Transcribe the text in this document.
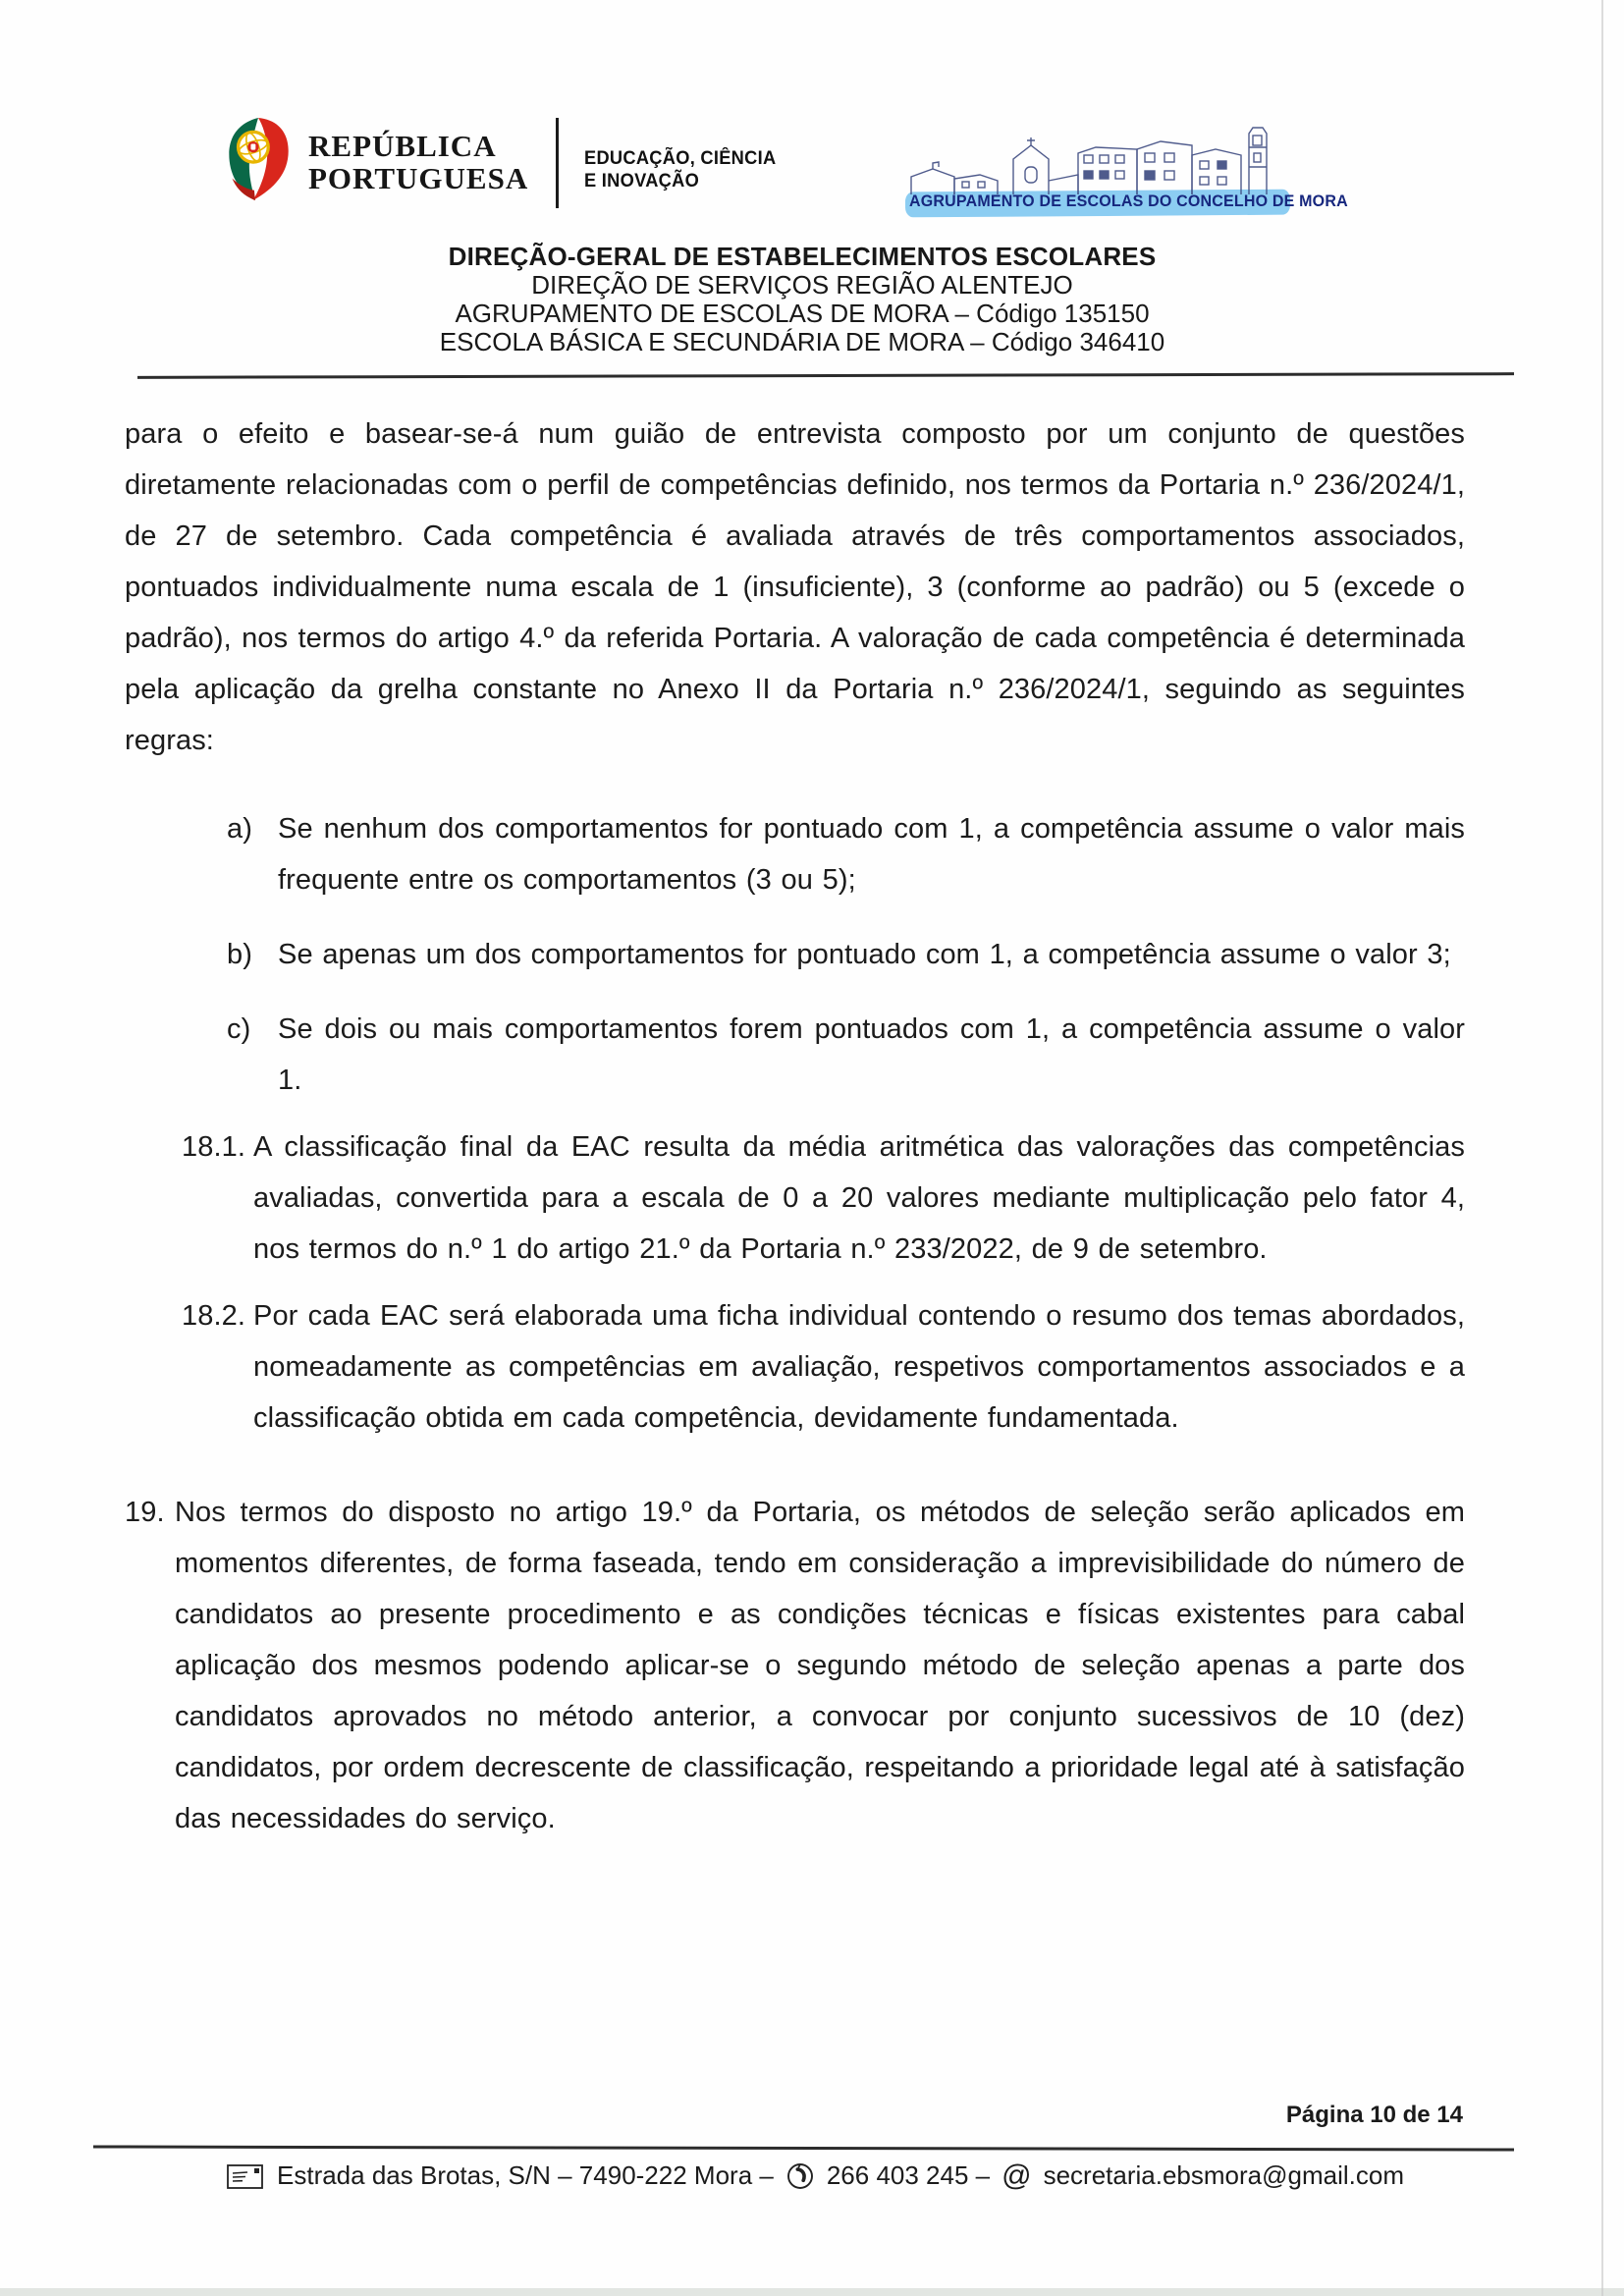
REPÚBLICA
PORTUGUESA
EDUCAÇÃO, CIÊNCIA
E INOVAÇÃO
AGRUPAMENTO DE ESCOLAS DO CONCELHO DE MORA
DIREÇÃO-GERAL DE ESTABELECIMENTOS ESCOLARES
DIREÇÃO DE SERVIÇOS REGIÃO ALENTEJO
AGRUPAMENTO DE ESCOLAS DE MORA – Código 135150
ESCOLA BÁSICA E SECUNDÁRIA DE MORA – Código 346410

para o efeito e basear-se-á num guião de entrevista composto por um conjunto de questões diretamente relacionadas com o perfil de competências definido, nos termos da Portaria n.º 236/2024/1, de 27 de setembro. Cada competência é avaliada através de três comportamentos associados, pontuados individualmente numa escala de 1 (insuficiente), 3 (conforme ao padrão) ou 5 (excede o padrão), nos termos do artigo 4.º da referida Portaria. A valoração de cada competência é determinada pela aplicação da grelha constante no Anexo II da Portaria n.º 236/2024/1, seguindo as seguintes regras:

a) Se nenhum dos comportamentos for pontuado com 1, a competência assume o valor mais frequente entre os comportamentos (3 ou 5);
b) Se apenas um dos comportamentos for pontuado com 1, a competência assume o valor 3;
c) Se dois ou mais comportamentos forem pontuados com 1, a competência assume o valor 1.
18.1. A classificação final da EAC resulta da média aritmética das valorações das competências avaliadas, convertida para a escala de 0 a 20 valores mediante multiplicação pelo fator 4, nos termos do n.º 1 do artigo 21.º da Portaria n.º 233/2022, de 9 de setembro.
18.2. Por cada EAC será elaborada uma ficha individual contendo o resumo dos temas abordados, nomeadamente as competências em avaliação, respetivos comportamentos associados e a classificação obtida em cada competência, devidamente fundamentada.
19. Nos termos do disposto no artigo 19.º da Portaria, os métodos de seleção serão aplicados em momentos diferentes, de forma faseada, tendo em consideração a imprevisibilidade do número de candidatos ao presente procedimento e as condições técnicas e físicas existentes para cabal aplicação dos mesmos podendo aplicar-se o segundo método de seleção apenas a parte dos candidatos aprovados no método anterior, a convocar por conjunto sucessivos de 10 (dez) candidatos, por ordem decrescente de classificação, respeitando a prioridade legal até à satisfação das necessidades do serviço.
Página 10 de 14
Estrada das Brotas, S/N – 7490-222 Mora – 266 403 245 – @ secretaria.ebsmora@gmail.com
